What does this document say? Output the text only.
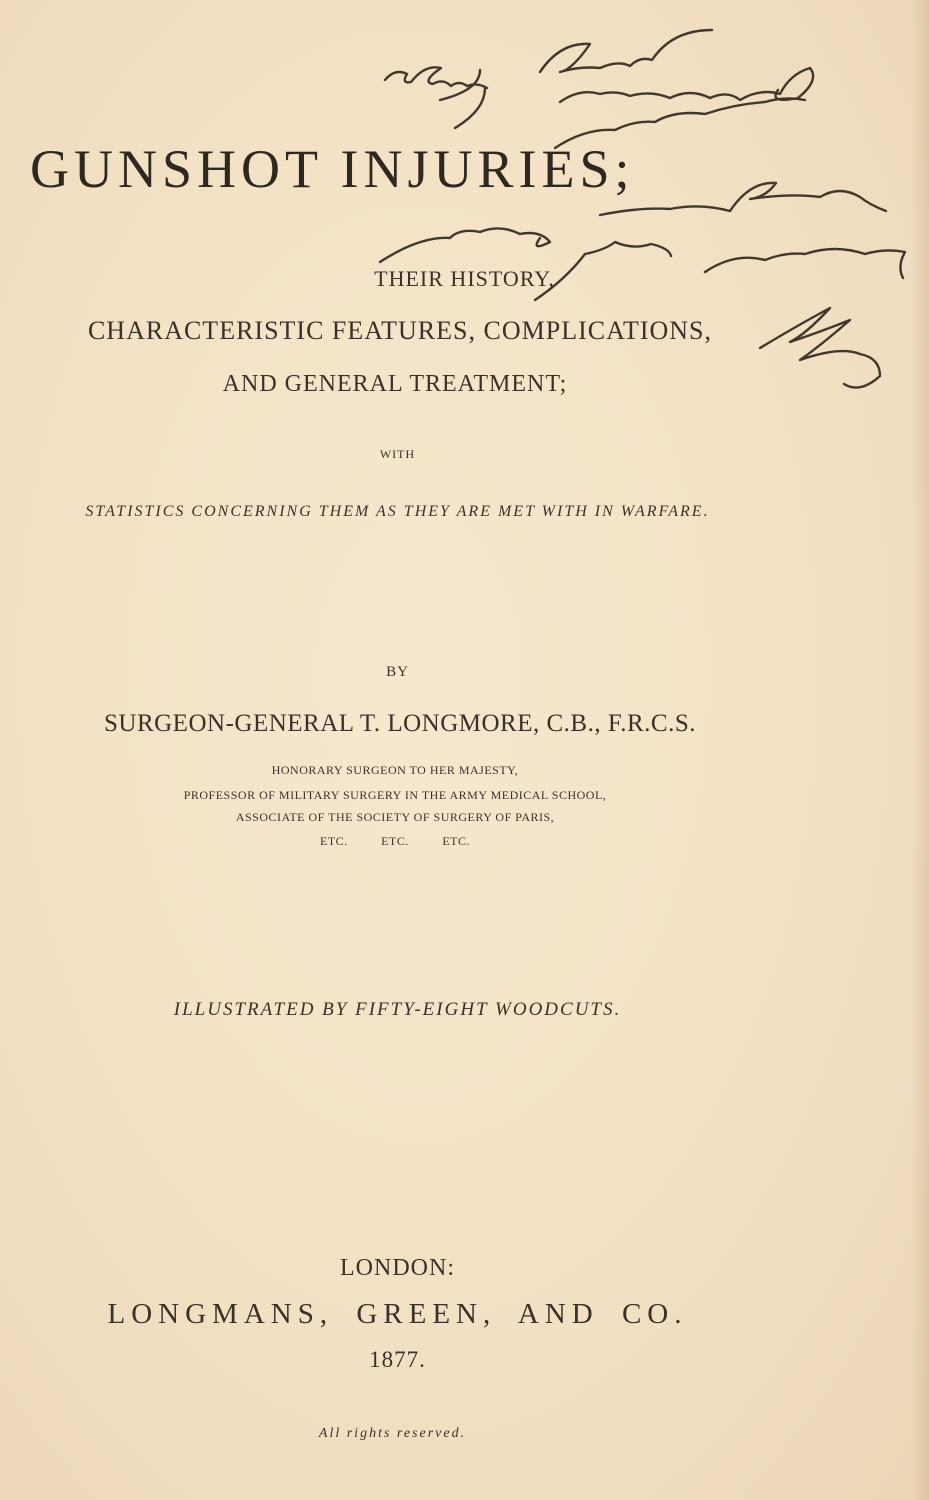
GUNSHOT INJURIES;
THEIR HISTORY,
CHARACTERISTIC FEATURES, COMPLICATIONS,
AND GENERAL TREATMENT;
WITH
STATISTICS CONCERNING THEM AS THEY ARE MET WITH IN WARFARE.
BY
SURGEON-GENERAL T. LONGMORE, C.B., F.R.C.S.
HONORARY SURGEON TO HER MAJESTY,
PROFESSOR OF MILITARY SURGERY IN THE ARMY MEDICAL SCHOOL,
ASSOCIATE OF THE SOCIETY OF SURGERY OF PARIS,
ETC. ETC. ETC.
ILLUSTRATED BY FIFTY-EIGHT WOODCUTS.
LONDON:
LONGMANS, GREEN, AND CO.
1877.
All rights reserved.
